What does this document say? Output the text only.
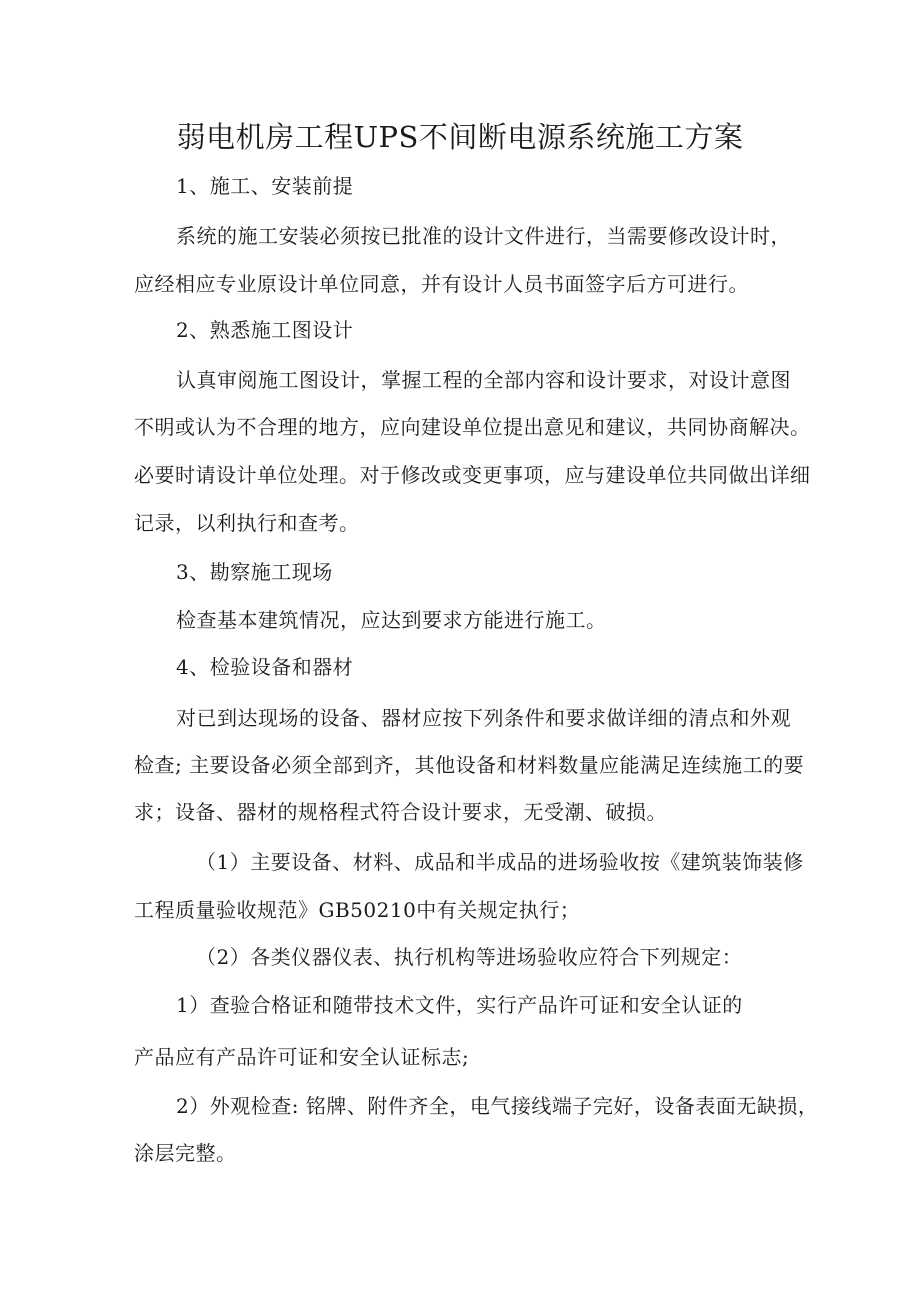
弱电机房工程UPS不间断电源系统施工方案
1、施工、安装前提
系统的施工安装必须按已批准的设计文件进行，当需要修改设计时，
应经相应专业原设计单位同意，并有设计人员书面签字后方可进行。
2、熟悉施工图设计
认真审阅施工图设计，掌握工程的全部内容和设计要求，对设计意图
不明或认为不合理的地方，应向建设单位提出意见和建议，共同协商解决。
必要时请设计单位处理。对于修改或变更事项，应与建设单位共同做出详细
记录，以利执行和查考。
3、勘察施工现场
检查基本建筑情况，应达到要求方能进行施工。
4、检验设备和器材
对已到达现场的设备、器材应按下列条件和要求做详细的清点和外观
检查; 主要设备必须全部到齐，其他设备和材料数量应能满足连续施工的要
求；设备、器材的规格程式符合设计要求，无受潮、破损。
（1）主要设备、材料、成品和半成品的进场验收按《建筑装饰装修
工程质量验收规范》GB50210中有关规定执行；
（2）各类仪器仪表、执行机构等进场验收应符合下列规定：
1）查验合格证和随带技术文件，实行产品许可证和安全认证的
产品应有产品许可证和安全认证标志;
2）外观检查: 铭牌、附件齐全，电气接线端子完好，设备表面无缺损，
涂层完整。
